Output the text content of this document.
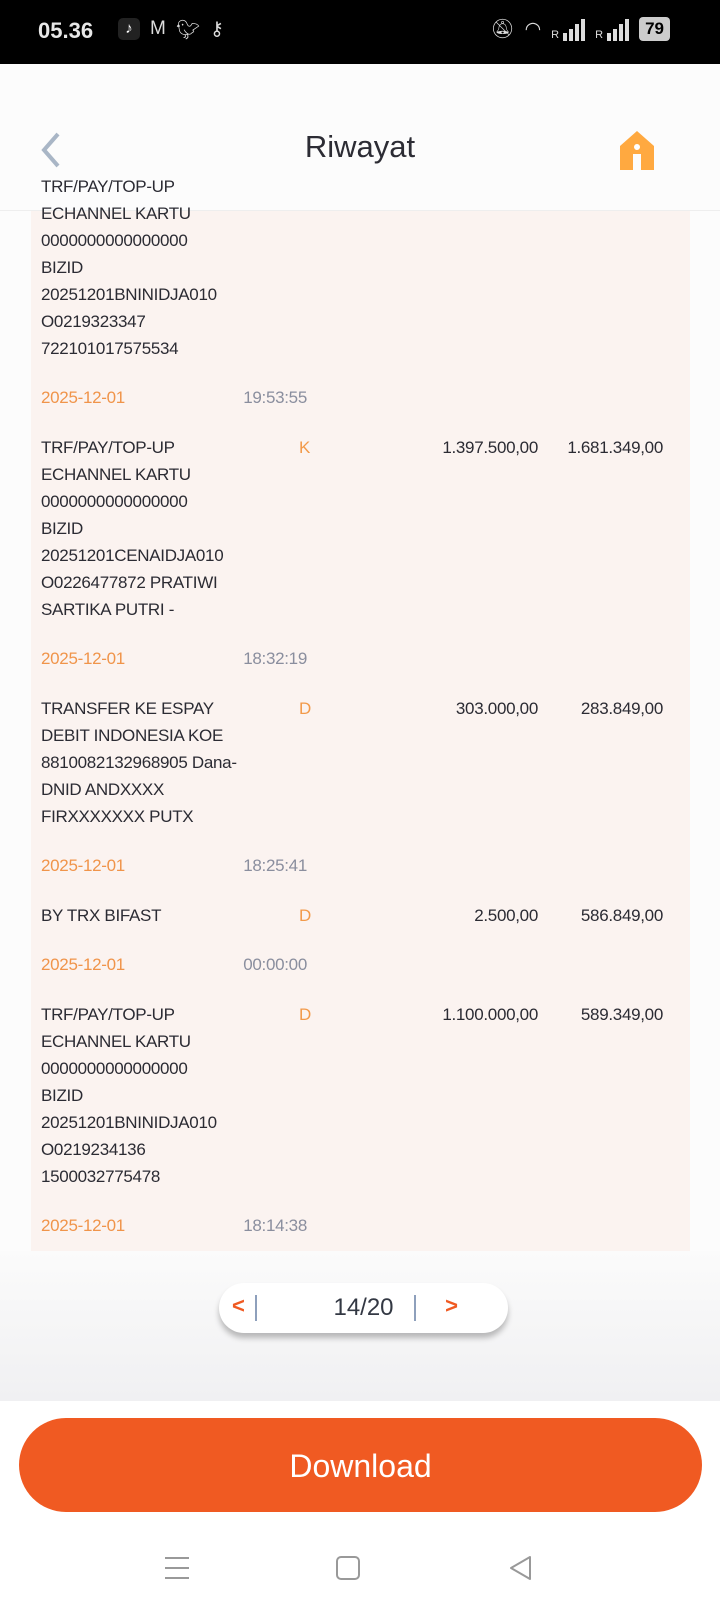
05.36	♪ M 🐦︎ ⚷	🔕︎ ◠ R	R	79
Riwayat
TRF/PAY/TOP-UP
ECHANNEL KARTU
0000000000000000
BIZID
20251201BNINIDJA010
O0219323347
722101017575534
2025-12-01	19:53:55
TRF/PAY/TOP-UP
ECHANNEL KARTU
0000000000000000
BIZID
20251201CENAIDJA010
O0226477872 PRATIWI
SARTIKA PUTRI -
K	1.397.500,00 1.681.349,00
2025-12-01	18:32:19
TRANSFER KE ESPAY
DEBIT INDONESIA KOE
8810082132968905 Dana-
DNID ANDXXXX
FIRXXXXXXX PUTX
D	303.000,00	283.849,00
2025-12-01	18:25:41
BY TRX BIFAST	D	2.500,00	586.849,00
2025-12-01	00:00:00
TRF/PAY/TOP-UP
ECHANNEL KARTU
0000000000000000
BIZID
20251201BNINIDJA010
O0219234136
1500032775478
D	1.100.000,00	589.349,00
2025-12-01	18:14:38
<	14/20	>
Download
